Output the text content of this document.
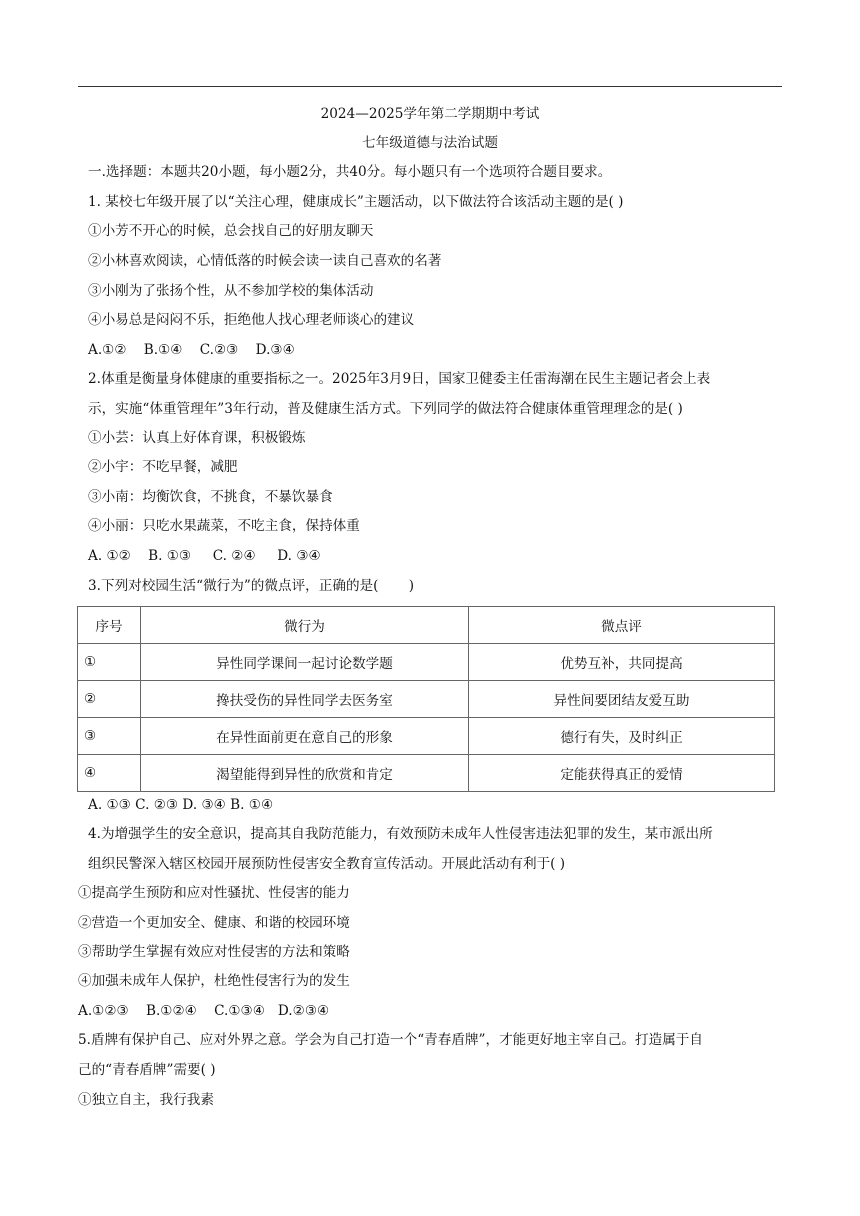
2024—2025学年第二学期期中考试
七年级道德与法治试题
一.选择题：本题共20小题，每小题2分，共40分。每小题只有一个选项符合题目要求。
1. 某校七年级开展了以“关注心理，健康成长”主题活动，以下做法符合该活动主题的是( )
①小芳不开心的时候，总会找自己的好朋友聊天
②小林喜欢阅读，心情低落的时候会读一读自己喜欢的名著
③小刚为了张扬个性，从不参加学校的集体活动
④小易总是闷闷不乐，拒绝他人找心理老师谈心的建议
A.①②    B.①④    C.②③    D.③④
2.体重是衡量身体健康的重要指标之一。2025年3月9日，国家卫健委主任雷海潮在民生主题记者会上表
示，实施“体重管理年”3年行动，普及健康生活方式。下列同学的做法符合健康体重管理理念的是( )
①小芸：认真上好体育课，积极锻炼
②小宇：不吃早餐，减肥
③小南：均衡饮食，不挑食，不暴饮暴食
④小丽：只吃水果蔬菜，不吃主食，保持体重
A. ①②    B. ①③     C. ②④     D. ③④
3.下列对校园生活“微行为”的微点评，正确的是(       )
序号	微行为	微点评
①	异性同学课间一起讨论数学题	优势互补，共同提高
②	搀扶受伤的异性同学去医务室	异性间要团结友爱互助
③	在异性面前更在意自己的形象	德行有失，及时纠正
④	渴望能得到异性的欣赏和肯定	定能获得真正的爱情
A. ①③ C. ②③ D. ③④ B. ①④
4.为增强学生的安全意识，提高其自我防范能力，有效预防未成年人性侵害违法犯罪的发生，某市派出所
组织民警深入辖区校园开展预防性侵害安全教育宣传活动。开展此活动有利于( )
①提高学生预防和应对性骚扰、性侵害的能力
②营造一个更加安全、健康、和谐的校园环境
③帮助学生掌握有效应对性侵害的方法和策略
④加强未成年人保护，杜绝性侵害行为的发生
A.①②③    B.①②④    C.①③④   D.②③④
5.盾牌有保护自己、应对外界之意。学会为自己打造一个“青春盾牌”，才能更好地主宰自己。打造属于自
己的“青春盾牌”需要( )
①独立自主，我行我素
